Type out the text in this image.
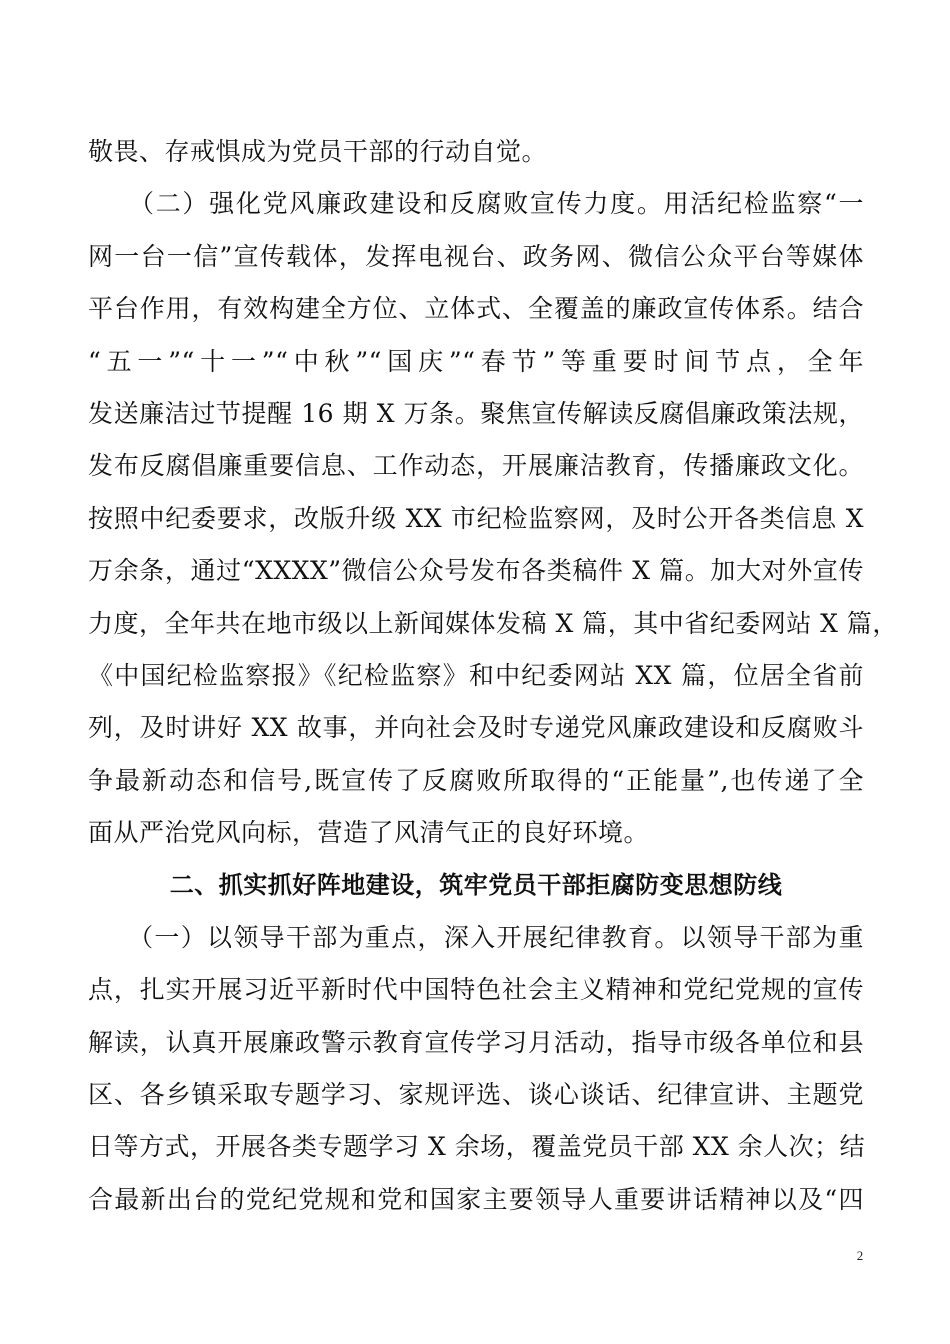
敬畏、存戒惧成为党员干部的行动自觉。
　　（二）强化党风廉政建设和反腐败宣传力度。用活纪检监察“一
网一台一信”宣传载体，发挥电视台、政务网、微信公众平台等媒体
平台作用，有效构建全方位、立体式、全覆盖的廉政宣传体系。结合
“五一”“十一”“中秋”“国庆”“春节”等重要时间节点，全年
发送廉洁过节提醒 16 期 X 万条。聚焦宣传解读反腐倡廉政策法规，
发布反腐倡廉重要信息、工作动态，开展廉洁教育，传播廉政文化。
按照中纪委要求，改版升级 XX 市纪检监察网，及时公开各类信息 X
万余条，通过“XXXX”微信公众号发布各类稿件 X 篇。加大对外宣传
力度，全年共在地市级以上新闻媒体发稿 X 篇，其中省纪委网站 X 篇，
《中国纪检监察报》《纪检监察》和中纪委网站 XX 篇，位居全省前
列，及时讲好 XX 故事，并向社会及时专递党风廉政建设和反腐败斗
争最新动态和信号,既宣传了反腐败所取得的“正能量”,也传递了全
面从严治党风向标，营造了风清气正的良好环境。
二、抓实抓好阵地建设，筑牢党员干部拒腐防变思想防线
　　（一）以领导干部为重点，深入开展纪律教育。以领导干部为重
点，扎实开展习近平新时代中国特色社会主义精神和党纪党规的宣传
解读，认真开展廉政警示教育宣传学习月活动，指导市级各单位和县
区、各乡镇采取专题学习、家规评选、谈心谈话、纪律宣讲、主题党
日等方式，开展各类专题学习 X 余场，覆盖党员干部 XX 余人次；结
合最新出台的党纪党规和党和国家主要领导人重要讲话精神以及“四
2
